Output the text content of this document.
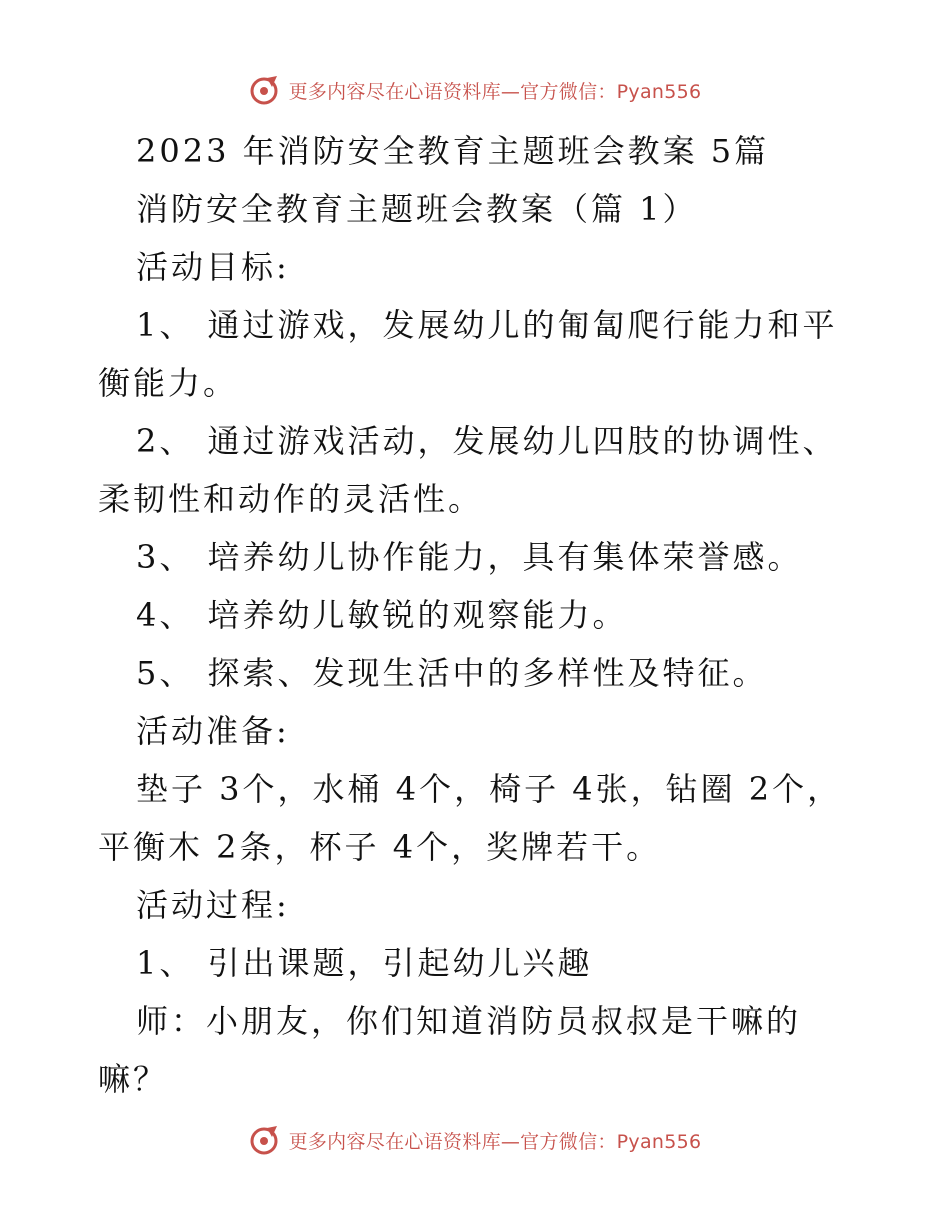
更多内容尽在心语资料库—官方微信：Pyan556

2023 年消防安全教育主题班会教案 5篇

消防安全教育主题班会教案（篇 1）

活动目标:

1、 通过游戏，发展幼儿的匍匐爬行能力和平衡能力。

2、 通过游戏活动，发展幼儿四肢的协调性、柔韧性和动作的灵活性。

3、 培养幼儿协作能力，具有集体荣誉感。

4、 培养幼儿敏锐的观察能力。

5、 探索、发现生活中的多样性及特征。

活动准备:

垫子 3个，水桶 4个，椅子 4张，钻圈 2个，平衡木 2条，杯子 4个，奖牌若干。

活动过程:

1、 引出课题，引起幼儿兴趣

师：小朋友，你们知道消防员叔叔是干嘛的嘛？

更多内容尽在心语资料库—官方微信：Pyan556
